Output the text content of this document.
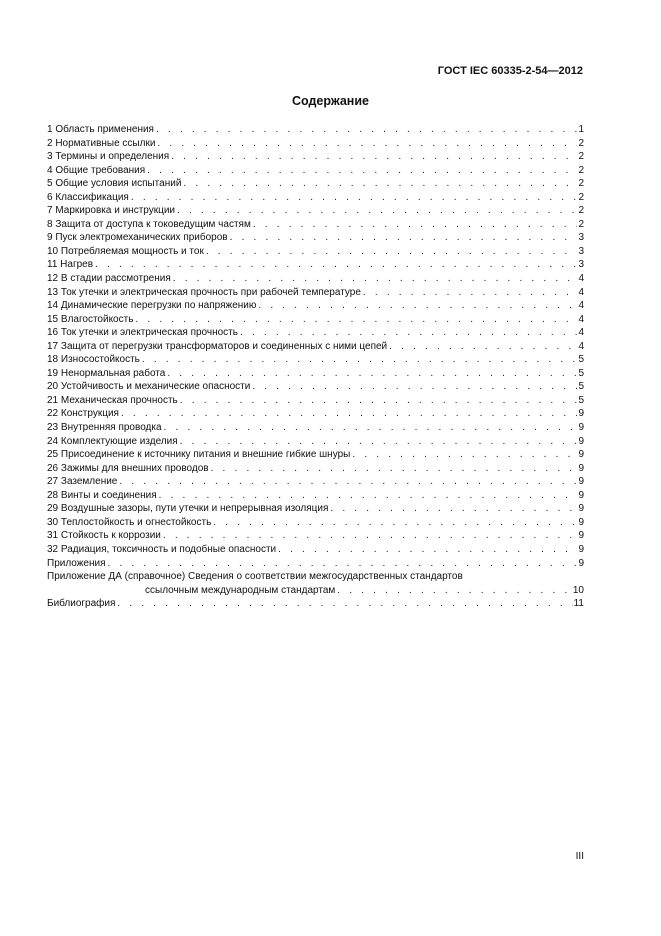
ГОСТ IEC 60335-2-54—2012
Содержание
1 Область применения . . .	1
2 Нормативные ссылки . . .	2
3 Термины и определения . . .	2
4 Общие требования . . .	2
5 Общие условия испытаний . . .	2
6 Классификация . . .	2
7 Маркировка и инструкции . . .	2
8 Защита от доступа к токоведущим частям . . .	2
9 Пуск электромеханических приборов . . .	3
10 Потребляемая мощность и ток . . .	3
11 Нагрев . . .	3
12 В стадии рассмотрения . . .	4
13 Ток утечки и электрическая прочность при рабочей температуре . . .	4
14 Динамические перегрузки по напряжению . . .	4
15 Влагостойкость . . .	4
16 Ток утечки и электрическая прочность . . .	4
17 Защита от перегрузки трансформаторов и соединенных с ними цепей . . .	4
18 Износостойкость . . .	5
19 Ненормальная работа . . .	5
20 Устойчивость и механические опасности . . .	5
21 Механическая прочность . . .	5
22 Конструкция . . .	9
23 Внутренняя проводка . . .	9
24 Комплектующие изделия . . .	9
25 Присоединение к источнику питания и внешние гибкие шнуры . . .	9
26 Зажимы для внешних проводов . . .	9
27 Заземление . . .	9
28 Винты и соединения . . .	9
29 Воздушные зазоры, пути утечки и непрерывная изоляция . . .	9
30 Теплостойкость и огнестойкость . . .	9
31 Стойкость к коррозии . . .	9
32 Радиация, токсичность и подобные опасности . . .	9
Приложения . . .	9
Приложение ДА (справочное) Сведения о соответствии межгосударственных стандартов
ссылочным международным стандартам . . .	10
Библиография . . .	11
III
